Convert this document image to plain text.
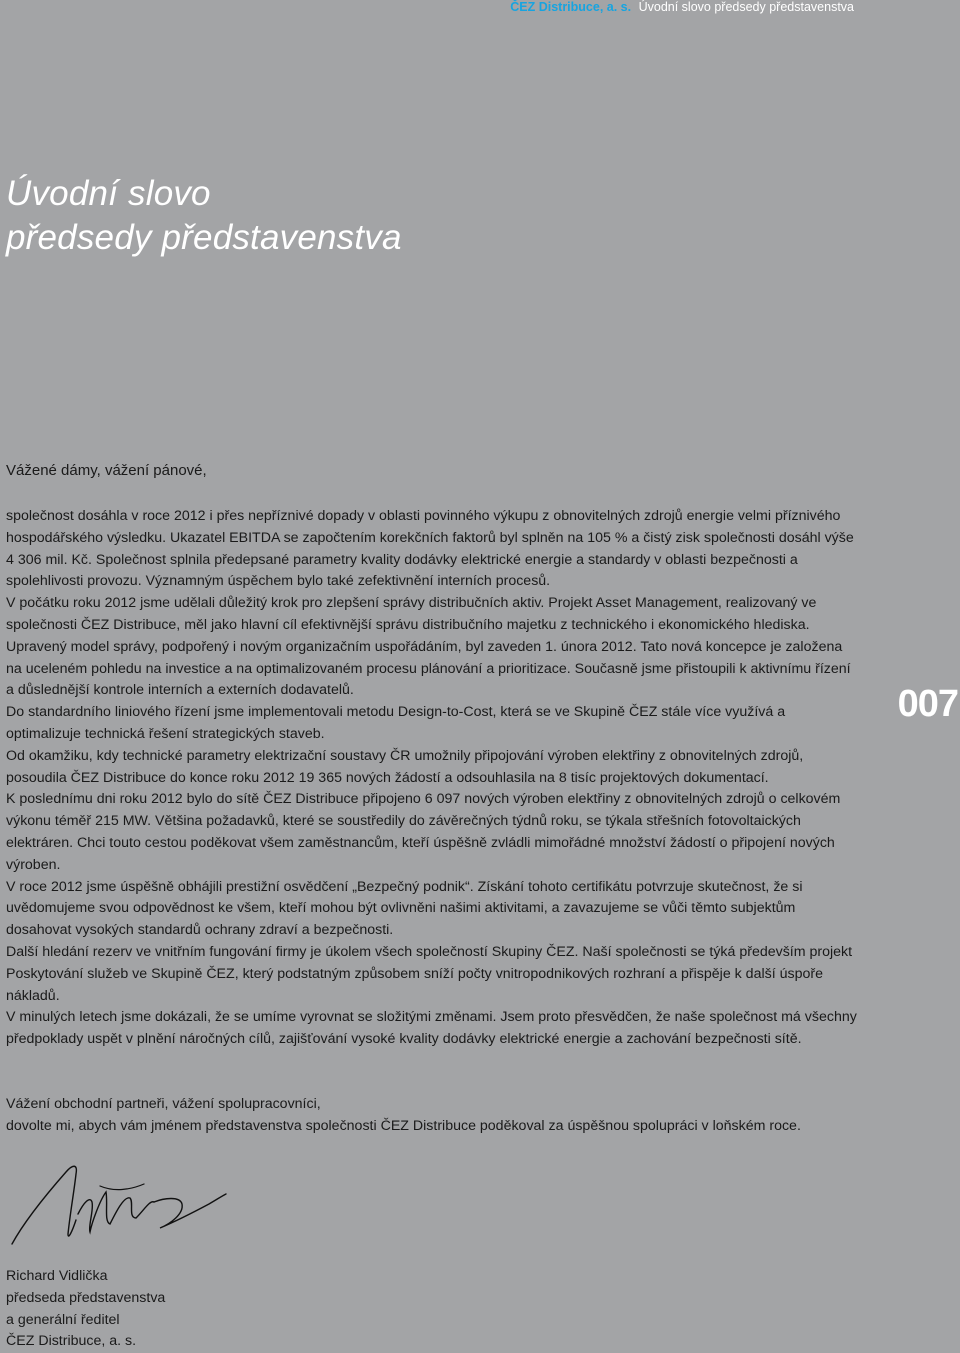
ČEZ Distribuce, a. s. Úvodní slovo předsedy představenstva
Úvodní slovo
předsedy představenstva
Vážené dámy, vážení pánové,

společnost dosáhla v roce 2012 i přes nepříznivé dopady v oblasti povinného výkupu z obnovitelných zdrojů energie velmi příznivého hospodářského výsledku. Ukazatel EBITDA se započtením korekčních faktorů byl splněn na 105 % a čistý zisk společnosti dosáhl výše 4 306 mil. Kč. Společnost splnila předepsané parametry kvality dodávky elektrické energie a standardy v oblasti bezpečnosti a spolehlivosti provozu. Významným úspěchem bylo také zefektivnění interních procesů.

V počátku roku 2012 jsme udělali důležitý krok pro zlepšení správy distribučních aktiv. Projekt Asset Management, realizovaný ve společnosti ČEZ Distribuce, měl jako hlavní cíl efektivnější správu distribučního majetku z technického i ekonomického hlediska. Upravený model správy, podpořený i novým organizačním uspořádáním, byl zaveden 1. února 2012. Tato nová koncepce je založena na uceleném pohledu na investice a na optimalizovaném procesu plánování a prioritizace. Současně jsme přistoupili k aktivnímu řízení a důslednější kontrole interních a externích dodavatelů.

Do standardního liniového řízení jsme implementovali metodu Design-to-Cost, která se ve Skupině ČEZ stále více využívá a optimalizuje technická řešení strategických staveb.

Od okamžiku, kdy technické parametry elektrizační soustavy ČR umožnily připojování výroben elektřiny z obnovitelných zdrojů, posoudila ČEZ Distribuce do konce roku 2012 19 365 nových žádostí a odsouhlasila na 8 tisíc projektových dokumentací.

K poslednímu dni roku 2012 bylo do sítě ČEZ Distribuce připojeno 6 097 nových výroben elektřiny z obnovitelných zdrojů o celkovém výkonu téměř 215 MW. Většina požadavků, které se soustředily do závěrečných týdnů roku, se týkala střešních fotovoltaických elektráren. Chci touto cestou poděkovat všem zaměstnancům, kteří úspěšně zvládli mimořádné množství žádostí o připojení nových výroben.

V roce 2012 jsme úspěšně obhájili prestižní osvědčení „Bezpečný podnik“. Získání tohoto certifikátu potvrzuje skutečnost, že si uvědomujeme svou odpovědnost ke všem, kteří mohou být ovlivněni našimi aktivitami, a zavazujeme se vůči těmto subjektům dosahovat vysokých standardů ochrany zdraví a bezpečnosti.

Další hledání rezerv ve vnitřním fungování firmy je úkolem všech společností Skupiny ČEZ. Naší společnosti se týká především projekt Poskytování služeb ve Skupině ČEZ, který podstatným způsobem sníží počty vnitropodnikových rozhraní a přispěje k další úspoře nákladů.

V minulých letech jsme dokázali, že se umíme vyrovnat se složitými změnami. Jsem proto přesvědčen, že naše společnost má všechny předpoklady uspět v plnění náročných cílů, zajišťování vysoké kvality dodávky elektrické energie a zachování bezpečnosti sítě.

007

Vážení obchodní partneři, vážení spolupracovníci,

dovolte mi, abych vám jménem představenstva společnosti ČEZ Distribuce poděkoval za úspěšnou spolupráci v loňském roce.

Richard Vidlička
předseda představenstva
a generální ředitel
ČEZ Distribuce, a. s.
